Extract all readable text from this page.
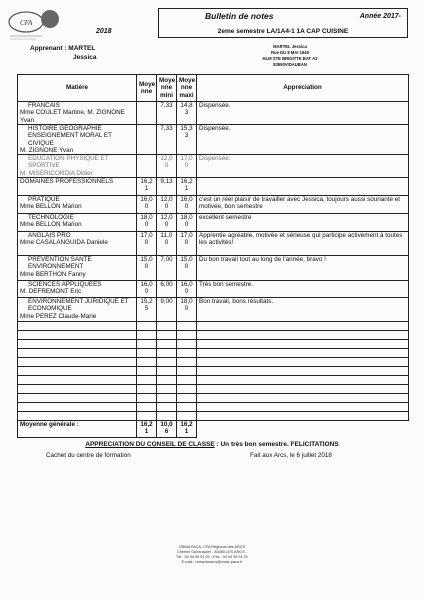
CFA
2018
Bulletin de notes	Année 2017-
2eme semestre LA/1A4-1 1A CAP CUISINE
Apprenant : MARTEL
Jessica
MARTEL Jessica
Rue DU 8 MAI 1945
HLM STE BRIGITTE BAT A2
83550VIDAUBAN
Matière	Moye nne	Moye nne mini	Moye nne maxi	Appréciation

FRANCAIS
Mme COULET Martine, M. ZIGNONE Yvan		7,33	14,8 3	Dispensée.

HISTOIRE GEOGRAPHIE ENSEIGNEMENT MORAL ET CIVIQUE
M. ZIGNONE Yvan		7,33	15,3 3	Dispensée.

EDUCATION PHYSIQUE ET SPORTIVE
M. MISERICORDIA Didier		12,0 0	17,0 0	Dispensée.

DOMAINES PROFESSIONNELS	16,2 1	9,13	16,2 1	

PRATIQUE
Mme BELLON Marion	16,0 0	12,0 0	16,0 0	c'est un réel plaisir de travailler avec Jessica, toujours aussi souriante et motivée, bon semestre

TECHNOLOGIE
Mme BELLON Marion	18,0 0	12,0 0	18,0 0	excellent semestre

ANGLAIS PRO
Mme CASALANGUIDA Daniele	17,0 0	11,0 0	17,0 0	Apprentie agréable, motivée et sérieuse qui participe activement à toutes les activités!

PREVENTION SANTE ENVIRONNEMENT
Mme BERTHON Fanny	15,0 0	7,00	15,0 0	Du bon travail tout au long de l'année, bravo !

SCIENCES APPLIQUEES
M. DEFREMONT Eric	16,0 0	6,00	16,0 0	Très bon semestre.

ENVIRONNEMENT JURIDIQUE ET ECONOMIQUE
Mme PEREZ Claude-Marie	15,2 5	9,00	18,0 0	Bon travail, bons résultats.

Moyenne générale :	16,2 1	10,0 6	16,2 1	
APPRECIATION DU CONSEIL DE CLASSE : Un très bon semestre. FELICITATIONS
Cachet du centre de formation	Fait aux Arcs, le 6 juillet 2018
URMA PACA, CFA Régional des ARCS
Chemin Guiranquier - 83460 LES ARCS -
Tél : 04 94 99 51 00 - Fax : 04 94 99 51 01
E-mail : urma.lesarcs@cmar-paca.fr
